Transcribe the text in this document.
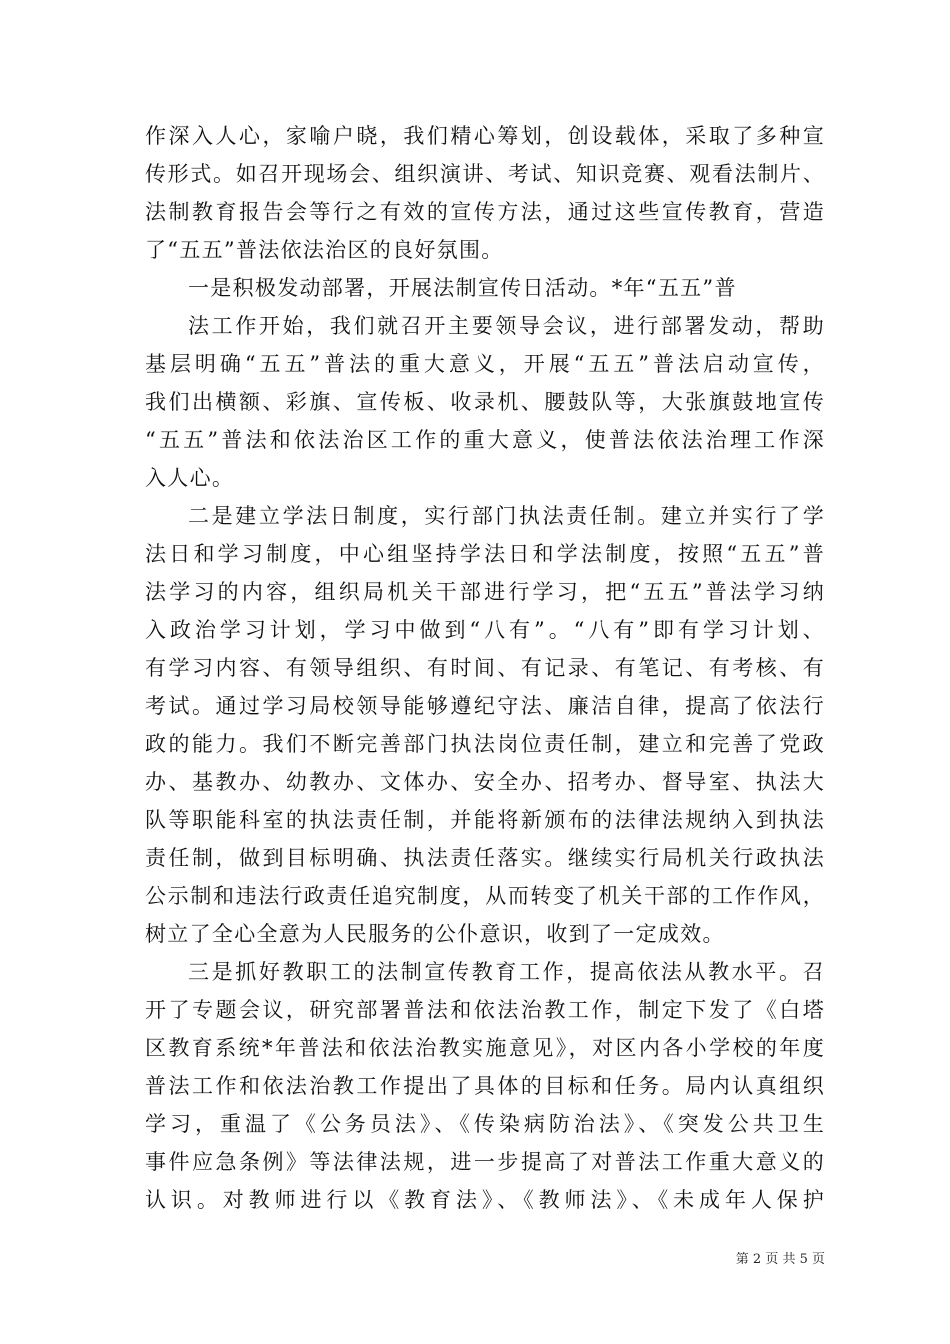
作深入人心，家喻户晓，我们精心筹划，创设载体，采取了多种宣
传形式。如召开现场会、组织演讲、考试、知识竞赛、观看法制片、
法制教育报告会等行之有效的宣传方法，通过这些宣传教育，营造
了“五五”普法依法治区的良好氛围。
一是积极发动部署，开展法制宣传日活动。*年“五五”普
法工作开始，我们就召开主要领导会议，进行部署发动，帮助
基层明确“五五”普法的重大意义，开展“五五”普法启动宣传，
我们出横额、彩旗、宣传板、收录机、腰鼓队等，大张旗鼓地宣传
“五五”普法和依法治区工作的重大意义，使普法依法治理工作深
入人心。
二是建立学法日制度，实行部门执法责任制。建立并实行了学
法日和学习制度，中心组坚持学法日和学法制度，按照“五五”普
法学习的内容，组织局机关干部进行学习，把“五五”普法学习纳
入政治学习计划，学习中做到“八有”。“八有”即有学习计划、
有学习内容、有领导组织、有时间、有记录、有笔记、有考核、有
考试。通过学习局校领导能够遵纪守法、廉洁自律，提高了依法行
政的能力。我们不断完善部门执法岗位责任制，建立和完善了党政
办、基教办、幼教办、文体办、安全办、招考办、督导室、执法大
队等职能科室的执法责任制，并能将新颁布的法律法规纳入到执法
责任制，做到目标明确、执法责任落实。继续实行局机关行政执法
公示制和违法行政责任追究制度，从而转变了机关干部的工作作风，
树立了全心全意为人民服务的公仆意识，收到了一定成效。
三是抓好教职工的法制宣传教育工作，提高依法从教水平。召
开了专题会议，研究部署普法和依法治教工作，制定下发了《白塔
区教育系统*年普法和依法治教实施意见》，对区内各小学校的年度
普法工作和依法治教工作提出了具体的目标和任务。局内认真组织
学习，重温了《公务员法》、《传染病防治法》、《突发公共卫生
事件应急条例》等法律法规，进一步提高了对普法工作重大意义的
认识。对教师进行以《教育法》、《教师法》、《未成年人保护
第 2 页 共 5 页
